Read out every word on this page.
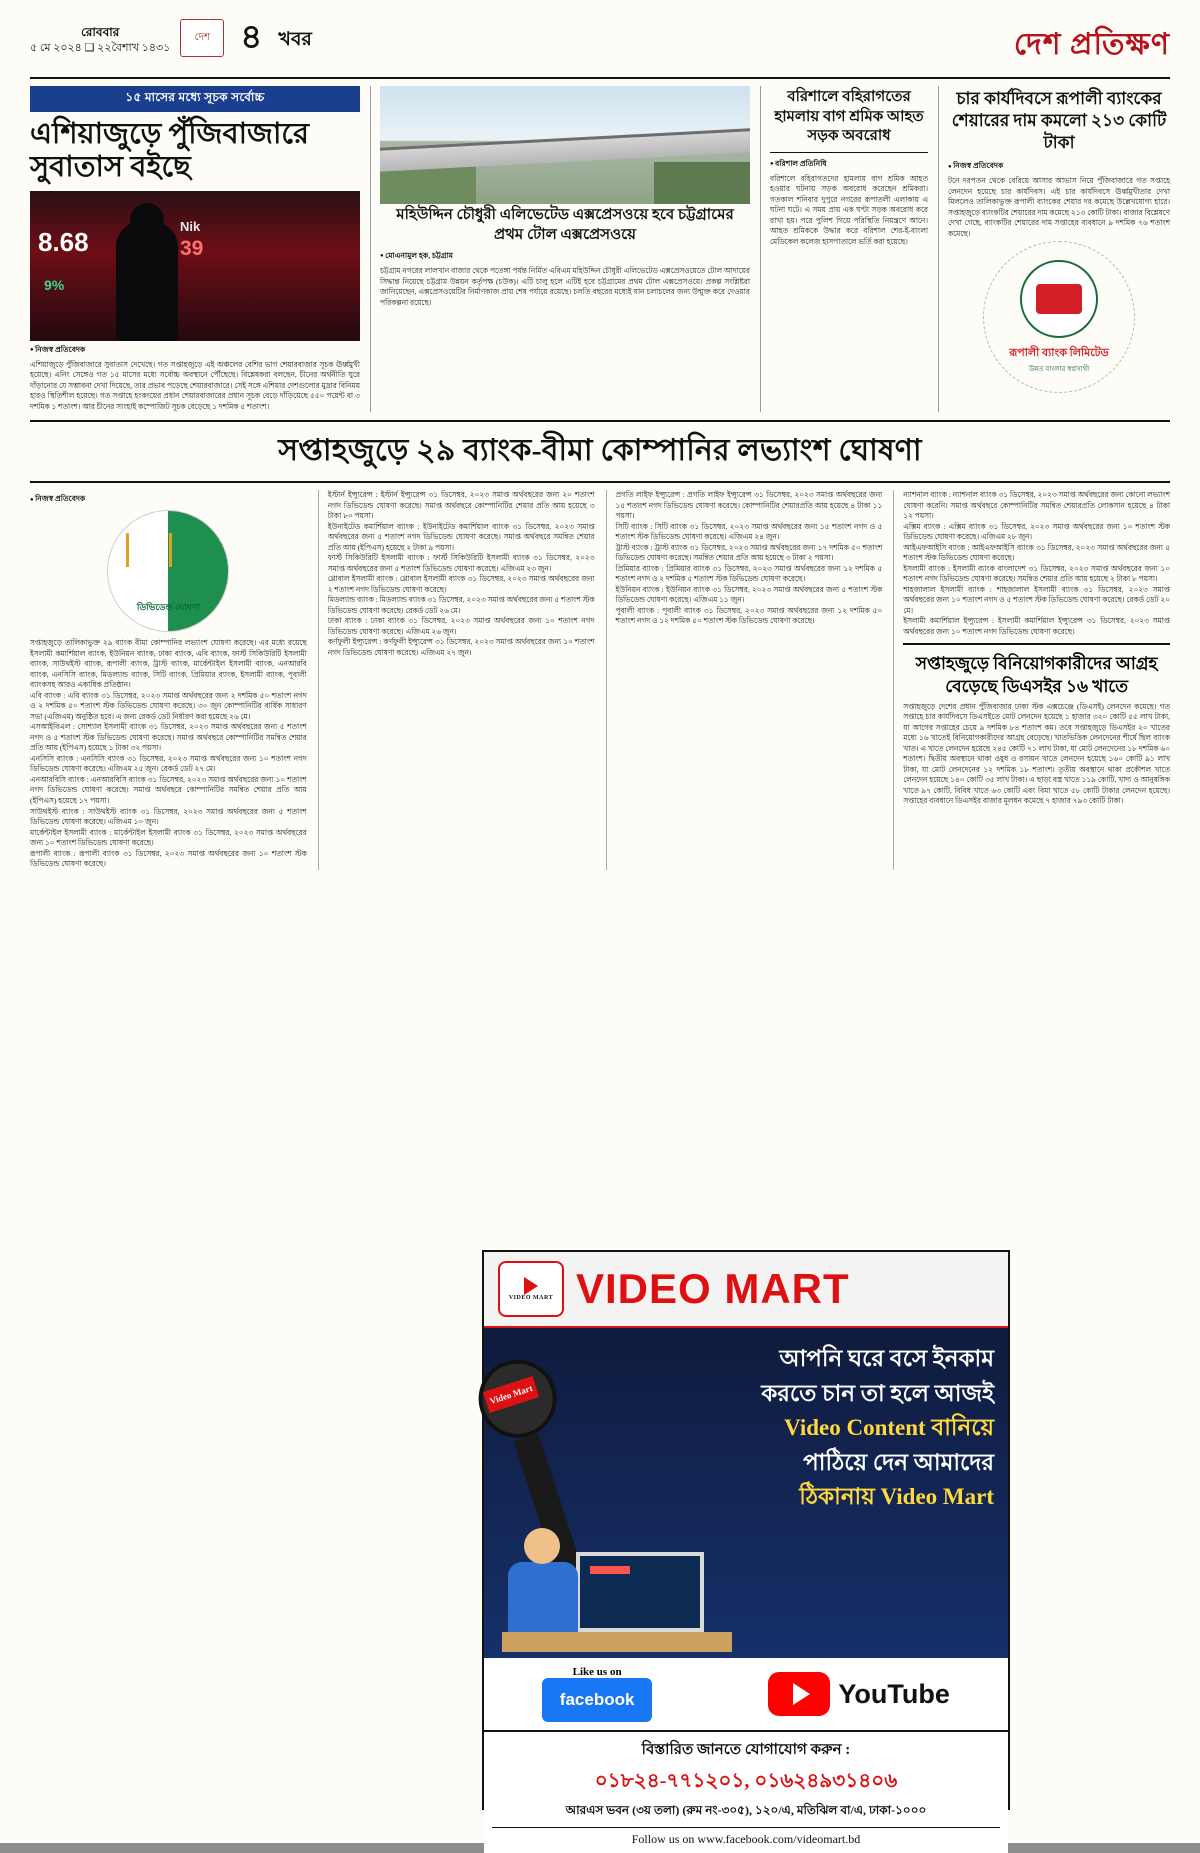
রোববার
৫ মে ২০২৪ ❑ ২২বৈশাখ ১৪৩১
দেশ ৪ খবর	দেশ প্রতিক্ষণ
১৫ মাসের মধ্যে সূচক সর্বোচ্চ
এশিয়াজুড়ে পুঁজিবাজারে সুবাতাস বইছে
8.68
Nik
39
9%
● নিজস্ব প্রতিবেদক
এশিয়াজুড়ে পুঁজিবাজারে সুবাতাস দেখেছে। গত সপ্তাহজুড়ে এই অঞ্চলের বেশির ভাগ শেয়ারবাজার সূচক ঊর্ধ্বমুখী হয়েছে। এনিং সেঙ্গেও গত ১৫ মাসের মধ্যে সর্বোচ্চ অবস্থানে পৌঁছেছে। বিশ্লেষকরা বলছেন, চীনের অর্থনীতি ঘুরে দাঁড়ানোর যে সম্ভাবনা দেখা দিয়েছে, তার প্রভাব পড়েছে শেয়ারবাজারে। সেই সঙ্গে এশিয়ার দেশগুলোর মুদ্রার বিনিময় হারও স্থিতিশীল হয়েছে। গত সপ্তাহে হংকংয়ের প্রধান শেয়ারবাজারের প্রধান সূচক বেড়ে দাঁড়িয়েছে ৫৫০ পয়েন্ট বা ৩ দশমিক ১ শতাংশ। আর চীনের সাংহাই কম্পোজিট সূচক বেড়েছে ১ দশমিক ৫ শতাংশ।
মহিউদ্দিন চৌধুরী এলিভেটেড এক্সপ্রেসওয়ে হবে চট্টগ্রামের প্রথম টোল এক্সপ্রেসওয়ে
● মোএনামুল হক, চট্টগ্রাম
চট্টগ্রাম নগরের লালখান বাজার থেকে পতেঙ্গা পর্যন্ত নির্মিত এবিএম মহিউদ্দিন চৌধুরী এলিভেটেড এক্সপ্রেসওয়েতে টোল আদায়ের সিদ্ধান্ত নিয়েছে চট্টগ্রাম উন্নয়ন কর্তৃপক্ষ (চউক)। এটি চালু হলে এটিই হবে চট্টগ্রামের প্রথম টোল এক্সপ্রেসওয়ে। প্রকল্প সংশ্লিষ্টরা জানিয়েছেন, এক্সপ্রেসওয়েটির নির্মাণকাজ প্রায় শেষ পর্যায়ে রয়েছে। চলতি বছরের মধ্যেই যান চলাচলের জন্য উন্মুক্ত করে দেওয়ার পরিকল্পনা রয়েছে।
বরিশালে বহিরাগতের হামলায় বাগ শ্রমিক আহত সড়ক অবরোধ
● বরিশাল প্রতিনিধি
বরিশালে বহিরাগতদের হামলায় বাগ শ্রমিক আহত হওয়ার ঘটনায় সড়ক অবরোধ করেছেন শ্রমিকরা। গতকাল শনিবার দুপুরে নগরের রূপাতলী এলাকায় এ ঘটনা ঘটে। এ সময় প্রায় এক ঘণ্টা সড়ক অবরোধ করে রাখা হয়। পরে পুলিশ গিয়ে পরিস্থিতি নিয়ন্ত্রণে আনে। আহত শ্রমিককে উদ্ধার করে বরিশাল শের-ই-বাংলা মেডিকেল কলেজ হাসপাতালে ভর্তি করা হয়েছে।
চার কার্যদিবসে রূপালী ব্যাংকের শেয়ারের দাম কমলো ২১৩ কোটি টাকা
● নিজস্ব প্রতিবেদক
টনে দরপতন থেকে বেরিয়ে আসার আভাস নিয়ে পুঁজিবাজারে গত সপ্তাহে লেনদেন হয়েছে চার কার্যদিবস। এই চার কার্যদিবসে ঊর্ধ্বমুখীতার দেখা মিললেও তালিকাভুক্ত রূপালী ব্যাংকের শেয়ার দর কমেছে উল্লেখযোগ্য হারে। সপ্তাহজুড়ে ব্যাংকটির শেয়ারের দাম কমেছে ২১৩ কোটি টাকা। বাজার বিশ্লেষণে দেখা গেছে, ব্যাংকটির শেয়ারের দাম সপ্তাহের ব্যবধানে ৯ দশমিক ৭৬ শতাংশ কমেছে।
রূপালী ব্যাংক লিমিটেড
উন্নত বাংলার স্বপ্নসাথী
সপ্তাহজুড়ে ২৯ ব্যাংক-বীমা কোম্পানির লভ্যাংশ ঘোষণা
● নিজস্ব প্রতিবেদক
ডিভিডেন্ড ঘোষণা
সপ্তাহজুড়ে তালিকাভুক্ত ২৯ ব্যাংক বীমা কোম্পানির লভ্যাংশ ঘোষণা করেছে। এর মধ্যে রয়েছে ইসলামী কমার্শিয়াল ব্যাংক, ইউনিয়ন ব্যাংক, ঢাকা ব্যাংক, এবি ব্যাংক, ফার্স্ট সিকিউরিটি ইসলামী ব্যাংক, সাউথইস্ট ব্যাংক, রূপালী ব্যাংক, ট্রাস্ট ব্যাংক, মার্কেন্টাইল ইসলামী ব্যাংক, এনআরবি ব্যাংক, এনসিসি ব্যাংক, মিডল্যান্ড ব্যাংক, সিটি ব্যাংক, প্রিমিয়ার ব্যাংক, ইসলামী ব্যাংক, পূবালী ব্যাংকসহ আরও একাধিক প্রতিষ্ঠান।
এবি ব্যাংক : এবি ব্যাংক ৩১ ডিসেম্বর, ২০২৩ সমাপ্ত অর্থবছরের জন্য ২ দশমিক ৫০ শতাংশ নগদ ও ২ দশমিক ৫০ শতাংশ স্টক ডিভিডেন্ড ঘোষণা করেছে। ৩০ জুন কোম্পানিটির বার্ষিক সাধারণ সভা (এজিএম) অনুষ্ঠিত হবে। এ জন্য রেকর্ড ডেট নির্ধারণ করা হয়েছে ২৬ মে।
এসআইবিএল : সোশ্যাল ইসলামী ব্যাংক ৩১ ডিসেম্বর, ২০২৩ সমাপ্ত অর্থবছরের জন্য ৫ শতাংশ নগদ ও ৫ শতাংশ স্টক ডিভিডেন্ড ঘোষণা করেছে। সমাপ্ত অর্থবছরে কোম্পানিটির সমন্বিত শেয়ার প্রতি আয় (ইপিএস) হয়েছে ১ টাকা ৩২ পয়সা।
এনসিসি ব্যাংক : এনসিসি ব্যাংক ৩১ ডিসেম্বর, ২০২৩ সমাপ্ত অর্থবছরের জন্য ১০ শতাংশ নগদ ডিভিডেন্ড ঘোষণা করেছে। এজিএম ২৫ জুন। রেকর্ড ডেট ২৭ মে।
এনআরবিসি ব্যাংক : এনআরবিসি ব্যাংক ৩১ ডিসেম্বর, ২০২৩ সমাপ্ত অর্থবছরের জন্য ১০ শতাংশ নগদ ডিভিডেন্ড ঘোষণা করেছে। সমাপ্ত অর্থবছরে কোম্পানিটির সমন্বিত শেয়ার প্রতি আয় (ইপিএস) হয়েছে ১৭ পয়সা।
সাউথইস্ট ব্যাংক : সাউথইস্ট ব্যাংক ৩১ ডিসেম্বর, ২০২৩ সমাপ্ত অর্থবছরের জন্য ৫ শতাংশ ডিভিডেন্ড ঘোষণা করেছে। এজিএম ১০ জুন।
মার্কেন্টাইল ইসলামী ব্যাংক : মার্কেন্টাইল ইসলামী ব্যাংক ৩১ ডিসেম্বর, ২০২৩ সমাপ্ত অর্থবছরের জন্য ১০ শতাংশ ডিভিডেন্ড ঘোষণা করেছে।
রূপালী ব্যাংক : রূপালী ব্যাংক ৩১ ডিসেম্বর, ২০২৩ সমাপ্ত অর্থবছরের জন্য ১০ শতাংশ স্টক ডিভিডেন্ড ঘোষণা করেছে।
ইস্টার্ন ইন্স্যুরেন্স : ইস্টার্ন ইন্স্যুরেন্স ৩১ ডিসেম্বর, ২০২৩ সমাপ্ত অর্থবছরের জন্য ২০ শতাংশ নগদ ডিভিডেন্ড ঘোষণা করেছে। সমাপ্ত অর্থবছরে কোম্পানিটির শেয়ার প্রতি আয় হয়েছে ৩ টাকা ৮০ পয়সা।
ইউনাইটেড কমার্শিয়াল ব্যাংক : ইউনাইটেড কমার্শিয়াল ব্যাংক ৩১ ডিসেম্বর, ২০২৩ সমাপ্ত অর্থবছরের জন্য ৫ শতাংশ নগদ ডিভিডেন্ড ঘোষণা করেছে। সমাপ্ত অর্থবছরে সমন্বিত শেয়ার প্রতি আয় (ইপিএস) হয়েছে ২ টাকা ৯ পয়সা।
ফার্স্ট সিকিউরিটি ইসলামী ব্যাংক : ফার্স্ট সিকিউরিটি ইসলামী ব্যাংক ৩১ ডিসেম্বর, ২০২৩ সমাপ্ত অর্থবছরের জন্য ৫ শতাংশ ডিভিডেন্ড ঘোষণা করেছে। এজিএম ২৩ জুন।
গ্লোবাল ইসলামী ব্যাংক : গ্লোবাল ইসলামী ব্যাংক ৩১ ডিসেম্বর, ২০২৩ সমাপ্ত অর্থবছরের জন্য ২ শতাংশ নগদ ডিভিডেন্ড ঘোষণা করেছে।
মিডল্যান্ড ব্যাংক : মিডল্যান্ড ব্যাংক ৩১ ডিসেম্বর, ২০২৩ সমাপ্ত অর্থবছরের জন্য ৫ শতাংশ স্টক ডিভিডেন্ড ঘোষণা করেছে। রেকর্ড ডেট ২৬ মে।
ঢাকা ব্যাংক : ঢাকা ব্যাংক ৩১ ডিসেম্বর, ২০২৩ সমাপ্ত অর্থবছরের জন্য ১০ শতাংশ নগদ ডিভিডেন্ড ঘোষণা করেছে। এজিএম ২৬ জুন।
কর্ণফুলী ইন্স্যুরেন্স : কর্ণফুলী ইন্স্যুরেন্স ৩১ ডিসেম্বর, ২০২৩ সমাপ্ত অর্থবছরের জন্য ১০ শতাংশ নগদ ডিভিডেন্ড ঘোষণা করেছে। এজিএম ২৭ জুন।
প্রগতি লাইফ ইন্স্যুরেন্স : প্রগতি লাইফ ইন্স্যুরেন্স ৩১ ডিসেম্বর, ২০২৩ সমাপ্ত অর্থবছরের জন্য ১৫ শতাংশ নগদ ডিভিডেন্ড ঘোষণা করেছে। কোম্পানিটির শেয়ারপ্রতি আয় হয়েছে ৪ টাকা ১১ পয়সা।
সিটি ব্যাংক : সিটি ব্যাংক ৩১ ডিসেম্বর, ২০২৩ সমাপ্ত অর্থবছরের জন্য ১৫ শতাংশ নগদ ও ৫ শতাংশ স্টক ডিভিডেন্ড ঘোষণা করেছে। এজিএম ২৪ জুন।
ট্রাস্ট ব্যাংক : ট্রাস্ট ব্যাংক ৩১ ডিসেম্বর, ২০২৩ সমাপ্ত অর্থবছরের জন্য ১৭ দশমিক ৫০ শতাংশ ডিভিডেন্ড ঘোষণা করেছে। সমন্বিত শেয়ার প্রতি আয় হয়েছে ৩ টাকা ২ পয়সা।
প্রিমিয়ার ব্যাংক : প্রিমিয়ার ব্যাংক ৩১ ডিসেম্বর, ২০২৩ সমাপ্ত অর্থবছরের জন্য ১২ দশমিক ৫ শতাংশ নগদ ও ২ দশমিক ৫ শতাংশ স্টক ডিভিডেন্ড ঘোষণা করেছে।
ইউনিয়ন ব্যাংক : ইউনিয়ন ব্যাংক ৩১ ডিসেম্বর, ২০২৩ সমাপ্ত অর্থবছরের জন্য ৫ শতাংশ স্টক ডিভিডেন্ড ঘোষণা করেছে। এজিএম ১১ জুন।
পূবালী ব্যাংক : পূবালী ব্যাংক ৩১ ডিসেম্বর, ২০২৩ সমাপ্ত অর্থবছরের জন্য ১২ দশমিক ৫০ শতাংশ নগদ ও ১২ দশমিক ৫০ শতাংশ স্টক ডিভিডেন্ড ঘোষণা করেছে।
ন্যাশনাল ব্যাংক : ন্যাশনাল ব্যাংক ৩১ ডিসেম্বর, ২০২৩ সমাপ্ত অর্থবছরের জন্য কোনো লভ্যাংশ ঘোষণা করেনি। সমাপ্ত অর্থবছরে কোম্পানিটির সমন্বিত শেয়ারপ্রতি লোকসান হয়েছে ৪ টাকা ১২ পয়সা।
এক্সিম ব্যাংক : এক্সিম ব্যাংক ৩১ ডিসেম্বর, ২০২৩ সমাপ্ত অর্থবছরের জন্য ১০ শতাংশ স্টক ডিভিডেন্ড ঘোষণা করেছে। এজিএম ২৮ জুন।
আইএফআইসি ব্যাংক : আইএফআইসি ব্যাংক ৩১ ডিসেম্বর, ২০২৩ সমাপ্ত অর্থবছরের জন্য ৫ শতাংশ স্টক ডিভিডেন্ড ঘোষণা করেছে।
ইসলামী ব্যাংক : ইসলামী ব্যাংক বাংলাদেশ ৩১ ডিসেম্বর, ২০২৩ সমাপ্ত অর্থবছরের জন্য ১০ শতাংশ নগদ ডিভিডেন্ড ঘোষণা করেছে। সমন্বিত শেয়ার প্রতি আয় হয়েছে ২ টাকা ৮ পয়সা।
শাহজালাল ইসলামী ব্যাংক : শাহজালাল ইসলামী ব্যাংক ৩১ ডিসেম্বর, ২০২৩ সমাপ্ত অর্থবছরের জন্য ১০ শতাংশ নগদ ও ৫ শতাংশ স্টক ডিভিডেন্ড ঘোষণা করেছে। রেকর্ড ডেট ২০ মে।
ইসলামী কমার্শিয়াল ইন্স্যুরেন্স : ইসলামী কমার্শিয়াল ইন্স্যুরেন্স ৩১ ডিসেম্বর, ২০২৩ সমাপ্ত অর্থবছরের জন্য ১০ শতাংশ নগদ ডিভিডেন্ড ঘোষণা করেছে।
সপ্তাহজুড়ে বিনিয়োগকারীদের আগ্রহ বেড়েছে ডিএসইর ১৬ খাতে
সপ্তাহজুড়ে দেশের প্রধান পুঁজিবাজার ঢাকা স্টক এক্সচেঞ্জে (ডিএসই) লেনদেন কমেছে। গত সপ্তাহে চার কার্যদিবসে ডিএসইতে মোট লেনদেন হয়েছে ১ হাজার ৩২০ কোটি ৫৫ লাখ টাকা, যা আগের সপ্তাহের চেয়ে ৯ দশমিক ৮৪ শতাংশ কম। তবে সপ্তাহজুড়ে ডিএসইর ২০ খাতের মধ্যে ১৬ খাতেই বিনিয়োগকারীদের আগ্রহ বেড়েছে। খাতভিত্তিক লেনদেনের শীর্ষে ছিল ব্যাংক খাত। এ খাতে লেনদেন হয়েছে ২৪৫ কোটি ৭১ লাখ টাকা, যা মোট লেনদেনের ১৮ দশমিক ৬০ শতাংশ। দ্বিতীয় অবস্থানে থাকা ওষুধ ও রসায়ন খাতে লেনদেন হয়েছে ১৬০ কোটি ৯১ লাখ টাকা, যা মোট লেনদেনের ১২ দশমিক ১৮ শতাংশ। তৃতীয় অবস্থানে থাকা প্রকৌশল খাতে লেনদেন হয়েছে ১৪০ কোটি ৩৫ লাখ টাকা। এ ছাড়া বস্ত্র খাতে ১১৯ কোটি, খাদ্য ও আনুষঙ্গিক খাতে ৯৭ কোটি, বিবিধ খাতে ৬৩ কোটি এবং বিমা খাতে ৫৮ কোটি টাকার লেনদেন হয়েছে। সপ্তাহের ব্যবধানে ডিএসইর বাজার মূলধন কমেছে ৭ হাজার ৭৯৩ কোটি টাকা।
VIDEO MART VIDEO MART
Video Mart
আপনি ঘরে বসে ইনকাম
করতে চান তা হলে আজই
Video Content বানিয়ে
পাঠিয়ে দেন আমাদের
ঠিকানায় Video Mart
Like us on
facebook	YouTube
বিস্তারিত জানতে যোগাযোগ করুন :
০১৮২৪-৭৭১২০১, ০১৬২৪৯৩১৪০৬
আরএস ভবন (৩য় তলা) (রুম নং-৩০৫), ১২০/এ, মতিঝিল বা/এ, ঢাকা-১০০০
Follow us on www.facebook.com/videomart.bd
